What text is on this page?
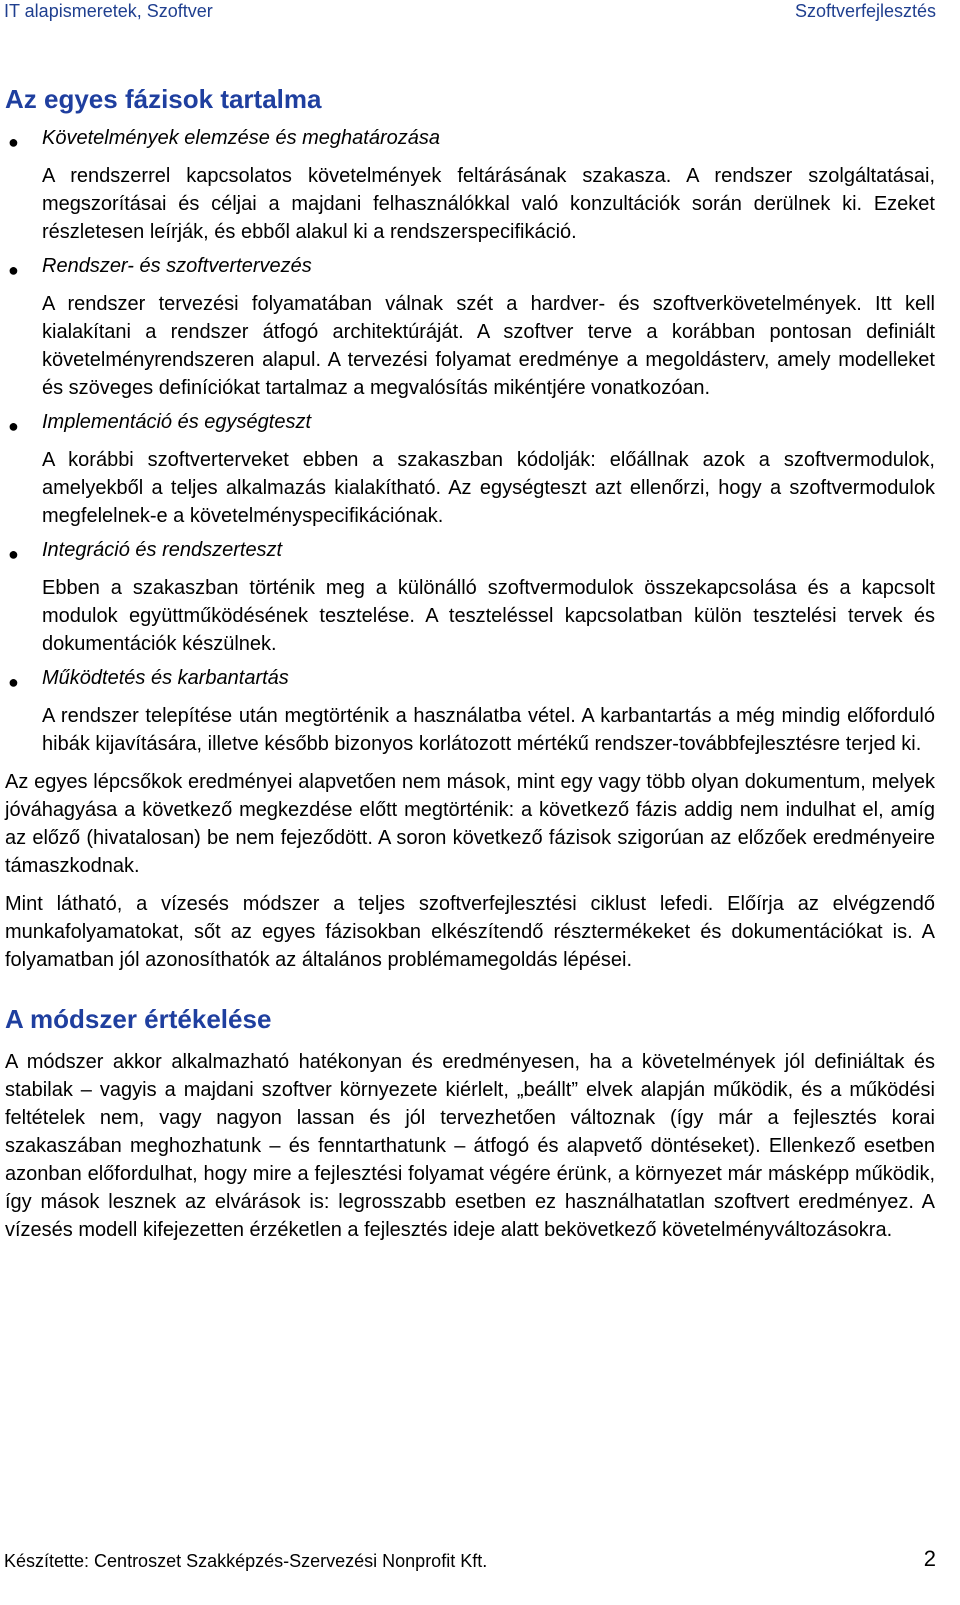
IT alapismeretek, Szoftver	Szoftverfejlesztés
Az egyes fázisok tartalma
● Követelmények elemzése és meghatározása

A rendszerrel kapcsolatos követelmények feltárásának szakasza. A rendszer szolgáltatásai, megszorításai és céljai a majdani felhasználókkal való konzultációk során derülnek ki. Ezeket részletesen leírják, és ebből alakul ki a rendszerspecifikáció.

● Rendszer- és szoftvertervezés

A rendszer tervezési folyamatában válnak szét a hardver- és szoftverkövetelmények. Itt kell kialakítani a rendszer átfogó architektúráját. A szoftver terve a korábban pontosan definiált követelményrendszeren alapul. A tervezési folyamat eredménye a megoldásterv, amely modelleket és szöveges definíciókat tartalmaz a megvalósítás mikéntjére vonatkozóan.

● Implementáció és egységteszt

A korábbi szoftverterveket ebben a szakaszban kódolják: előállnak azok a szoftvermodulok, amelyekből a teljes alkalmazás kialakítható. Az egységteszt azt ellenőrzi, hogy a szoftvermodulok megfelelnek-e a követelményspecifikációnak.

● Integráció és rendszerteszt

Ebben a szakaszban történik meg a különálló szoftvermodulok összekapcsolása és a kapcsolt modulok együttműködésének tesztelése. A teszteléssel kapcsolatban külön tesztelési tervek és dokumentációk készülnek.

● Működtetés és karbantartás

A rendszer telepítése után megtörténik a használatba vétel. A karbantartás a még mindig előforduló hibák kijavítására, illetve később bizonyos korlátozott mértékű rendszer-továbbfejlesztésre terjed ki.

Az egyes lépcsőkok eredményei alapvetően nem mások, mint egy vagy több olyan dokumentum, melyek jóváhagyása a következő megkezdése előtt megtörténik: a következő fázis addig nem indulhat el, amíg az előző (hivatalosan) be nem fejeződött. A soron következő fázisok szigorúan az előzőek eredményeire támaszkodnak.

Mint látható, a vízesés módszer a teljes szoftverfejlesztési ciklust lefedi. Előírja az elvégzendő munkafolyamatokat, sőt az egyes fázisokban elkészítendő résztermékeket és dokumentációkat is. A folyamatban jól azonosíthatók az általános problémamegoldás lépései.

A módszer értékelése

A módszer akkor alkalmazható hatékonyan és eredményesen, ha a követelmények jól definiáltak és stabilak – vagyis a majdani szoftver környezete kiérlelt, „beállt” elvek alapján működik, és a működési feltételek nem, vagy nagyon lassan és jól tervezhetően változnak (így már a fejlesztés korai szakaszában meghozhatunk – és fenntarthatunk – átfogó és alapvető döntéseket). Ellenkező esetben azonban előfordulhat, hogy mire a fejlesztési folyamat végére érünk, a környezet már másképp működik, így mások lesznek az elvárások is: legrosszabb esetben ez használhatatlan szoftvert eredményez. A vízesés modell kifejezetten érzéketlen a fejlesztés ideje alatt bekövetkező követelményváltozásokra.

Készítette: Centroszet Szakképzés-Szervezési Nonprofit Kft.	2
